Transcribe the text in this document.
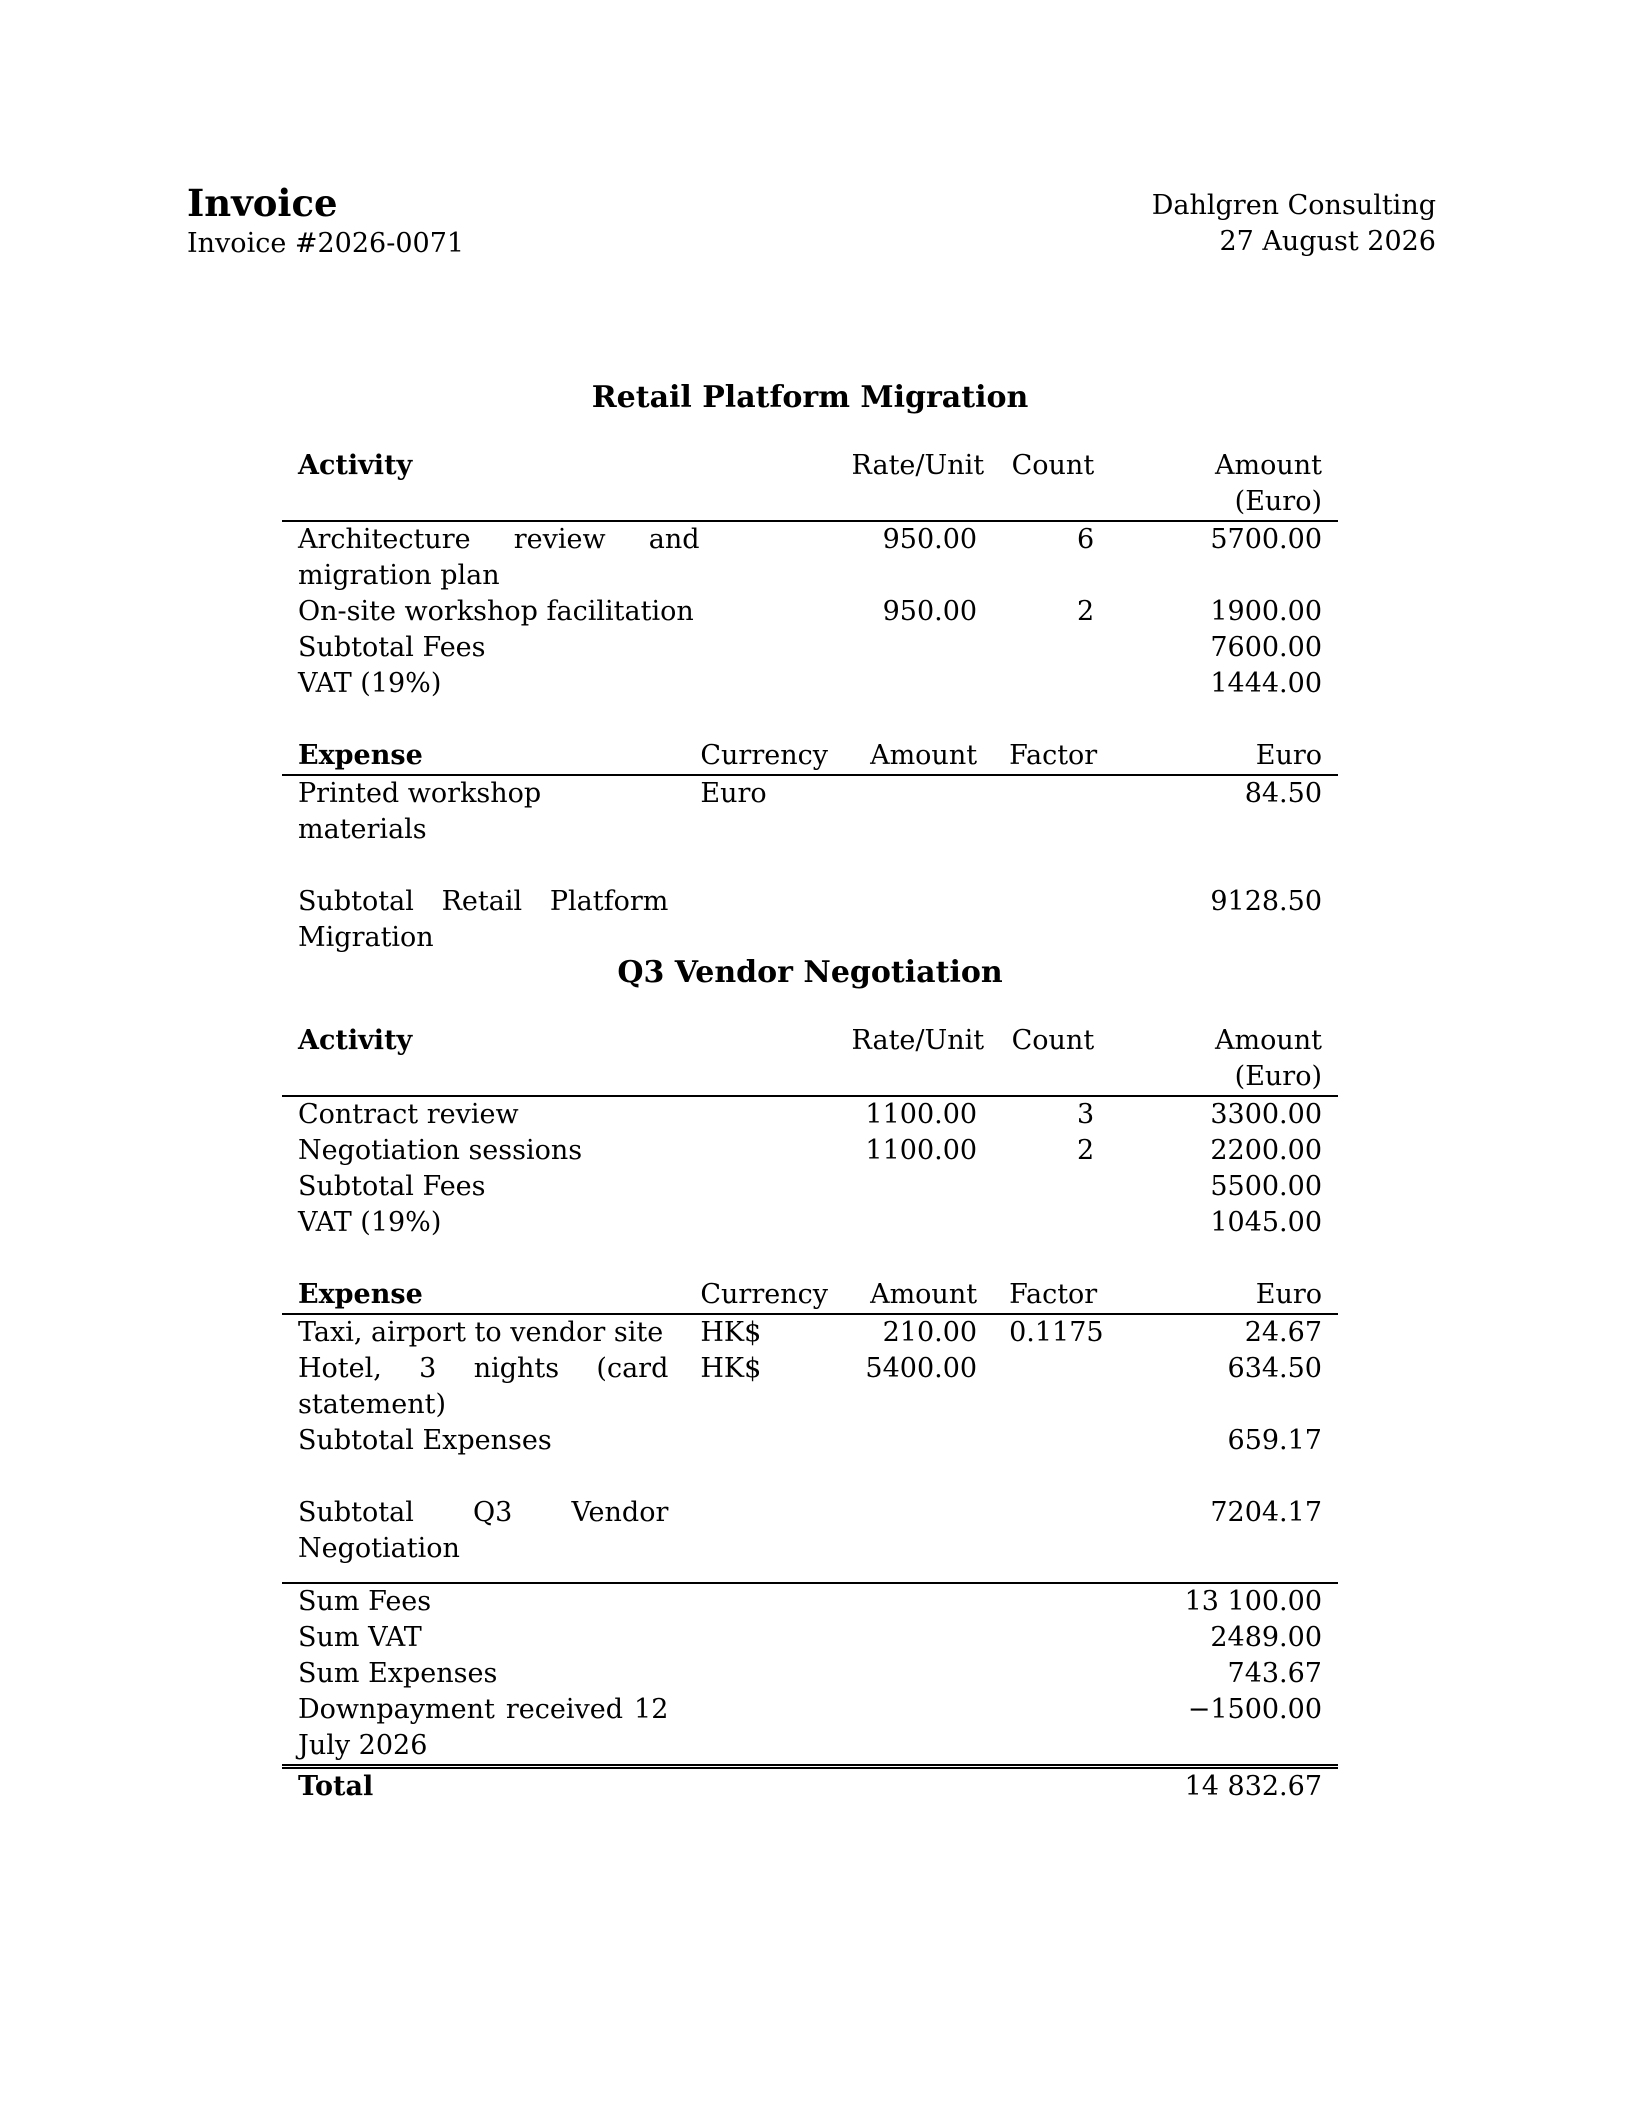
Invoice
Invoice #2026-0071
Dahlgren Consulting
27 August 2026
Retail Platform Migration
Activity		Rate/Unit	Count	Amount (Euro)
Architecture review and migration plan		950.00	6	5700.00
On-site workshop facilitation		950.00	2	1900.00
Subtotal Fees				7600.00
VAT (19%)				1444.00

Expense	Currency	Amount	Factor	Euro
Printed workshop materials	Euro			84.50

Subtotal Retail Platform Migration				9128.50
Q3 Vendor Negotiation
Activity		Rate/Unit	Count	Amount (Euro)
Contract review		1100.00	3	3300.00
Negotiation sessions		1100.00	2	2200.00
Subtotal Fees				5500.00
VAT (19%)				1045.00

Expense	Currency	Amount	Factor	Euro
Taxi, airport to vendor site	HK$	210.00	0.1175	24.67
Hotel, 3 nights (card statement)	HK$	5400.00		634.50
Subtotal Expenses				659.17

Subtotal Q3 Vendor Negotiation				7204.17
Sum Fees				13 100.00
Sum VAT				2489.00
Sum Expenses				743.67
Downpayment received 12 July 2026				−1500.00
Total				14 832.67
